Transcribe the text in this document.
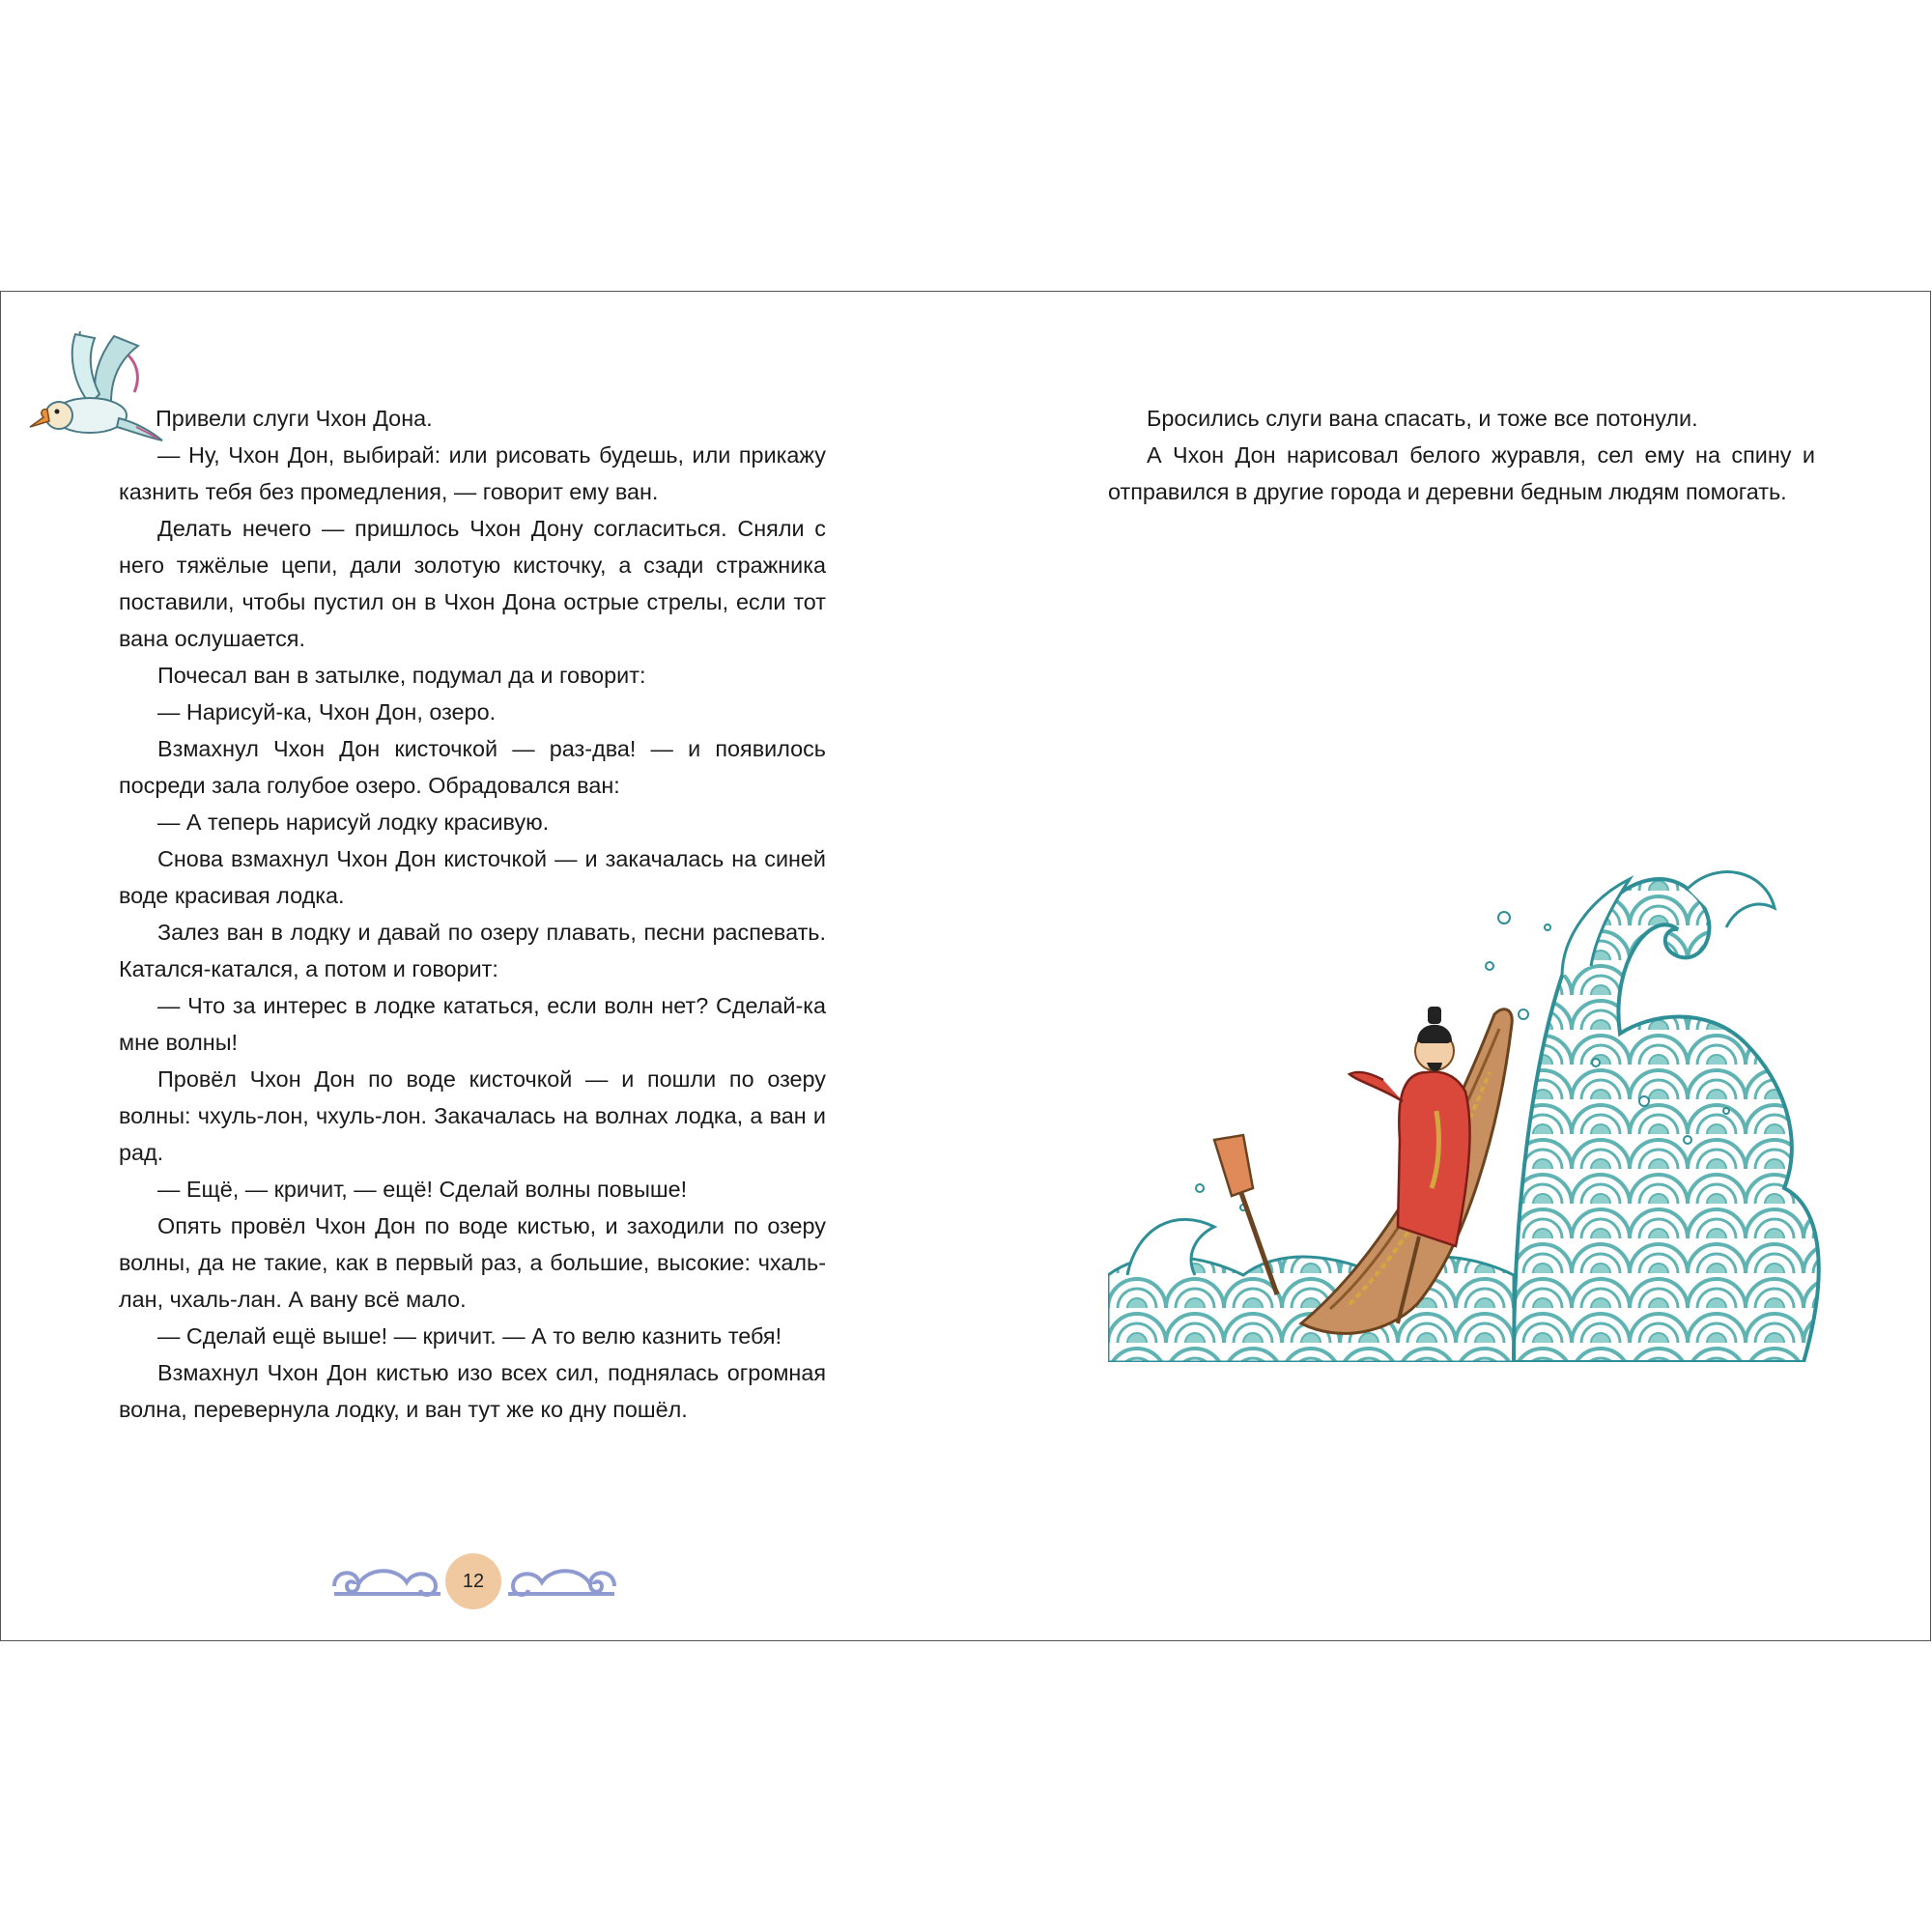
Привели слуги Чхон Дона.

— Ну, Чхон Дон, выбирай: или рисовать будешь, или прикажу казнить тебя без промедления, — говорит ему ван.

Делать нечего — пришлось Чхон Дону согласиться. Сняли с него тяжёлые цепи, дали золотую кисточку, а сзади стражника поставили, чтобы пустил он в Чхон Дона острые стрелы, если тот вана ослушается.

Почесал ван в затылке, подумал да и говорит:

— Нарисуй-ка, Чхон Дон, озеро.

Взмахнул Чхон Дон кисточкой — раз-два! — и появилось посреди зала голубое озеро. Обрадовался ван:

— А теперь нарисуй лодку красивую.

Снова взмахнул Чхон Дон кисточкой — и закачалась на синей воде красивая лодка.

Залез ван в лодку и давай по озеру плавать, песни распевать. Катался-катался, а потом и говорит:

— Что за интерес в лодке кататься, если волн нет? Сделай-ка мне волны!

Провёл Чхон Дон по воде кисточкой — и пошли по озеру волны: чхуль-лон, чхуль-лон. Закачалась на волнах лодка, а ван и рад.

— Ещё, — кричит, — ещё! Сделай волны повыше!

Опять провёл Чхон Дон по воде кистью, и заходили по озеру волны, да не такие, как в первый раз, а большие, высокие: чхаль-лан, чхаль-лан. А вану всё мало.

— Сделай ещё выше! — кричит. — А то велю казнить тебя!

Взмахнул Чхон Дон кистью изо всех сил, поднялась огромная волна, перевернула лодку, и ван тут же ко дну пошёл.

Бросились слуги вана спасать, и тоже все потонули.

А Чхон Дон нарисовал белого журавля, сел ему на спину и отправился в другие города и деревни бедным людям помогать.

12
